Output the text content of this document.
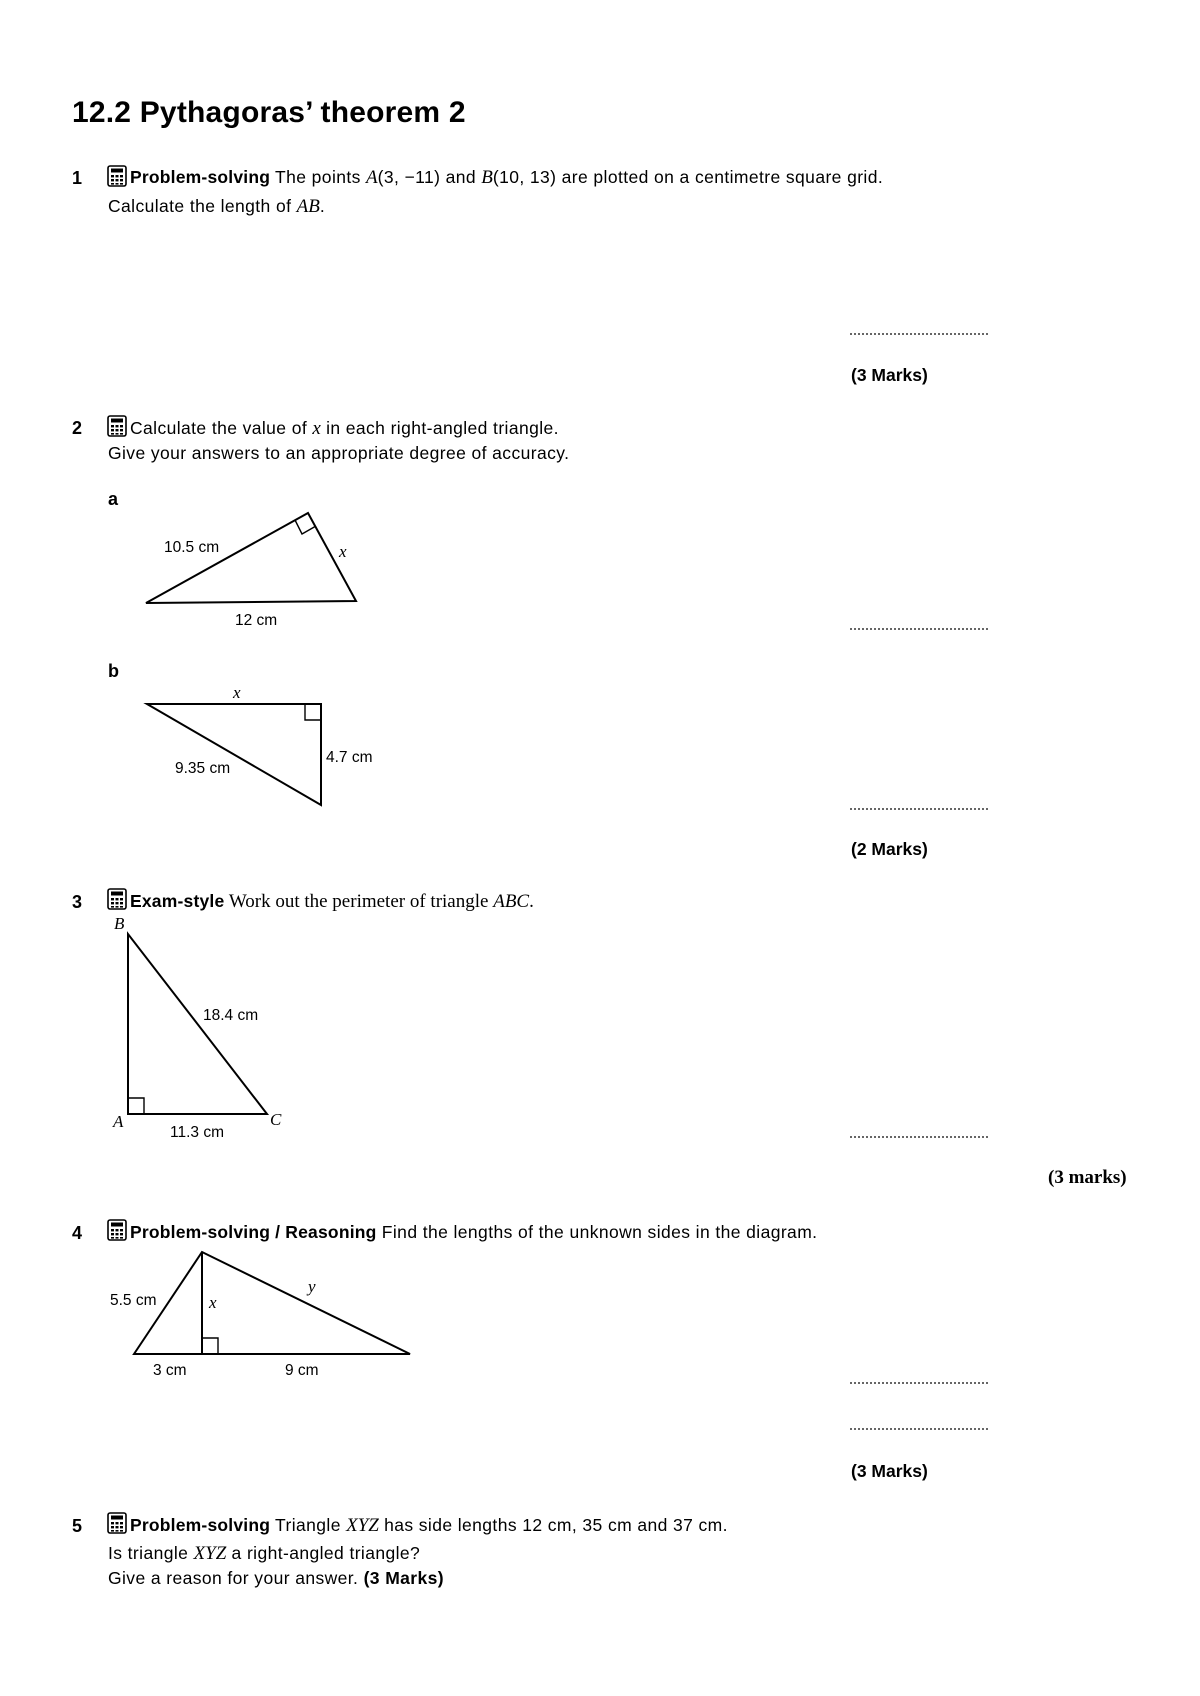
12.2 Pythagoras’ theorem 2
1	Problem-solving The points A(3, −11) and B(10, 13) are plotted on a centimetre square grid.
Calculate the length of AB.
(3 Marks)
2	Calculate the value of x in each right-angled triangle.
Give your answers to an appropriate degree of accuracy.
a
10.5 cm	x
12 cm
b
x
4.7 cm
9.35 cm
(2 Marks)
3	Exam-style Work out the perimeter of triangle ABC.
B
A	C
18.4 cm
11.3 cm
(3 marks)
4	Problem-solving / Reasoning Find the lengths of the unknown sides in the diagram.
5.5 cm	x
y
3 cm	9 cm
(3 Marks)
5	Problem-solving Triangle XYZ has side lengths 12 cm, 35 cm and 37 cm.
Is triangle XYZ a right-angled triangle?
Give a reason for your answer. (3 Marks)
